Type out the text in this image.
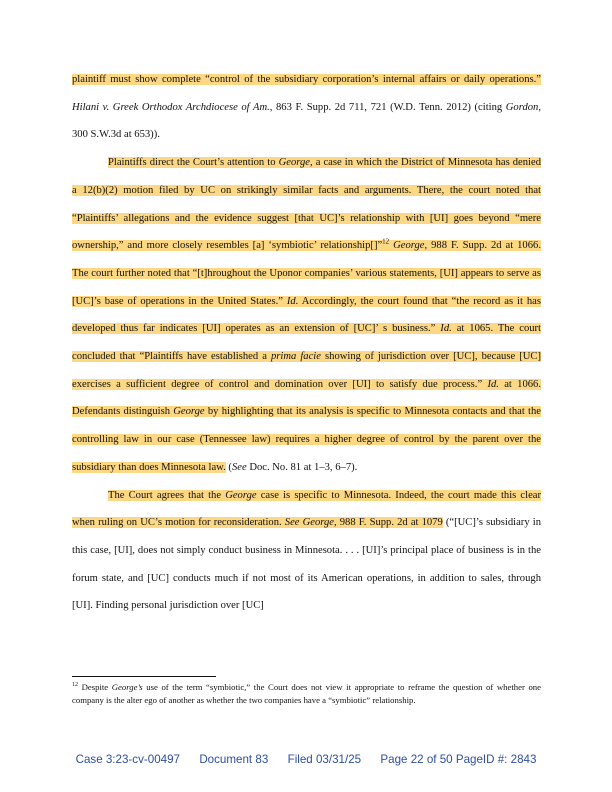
plaintiff must show complete “control of the subsidiary corporation’s internal affairs or daily operations.” Hilani v. Greek Orthodox Archdiocese of Am., 863 F. Supp. 2d 711, 721 (W.D. Tenn. 2012) (citing Gordon, 300 S.W.3d at 653)).

Plaintiffs direct the Court’s attention to George, a case in which the District of Minnesota has denied a 12(b)(2) motion filed by UC on strikingly similar facts and arguments. There, the court noted that “Plaintiffs’ allegations and the evidence suggest [that UC]’s relationship with [UI] goes beyond “mere ownership,” and more closely resembles [a] ‘symbiotic’ relationship[]”$^{12}$ George, 988 F. Supp. 2d at 1066. The court further noted that “[t]hroughout the Uponor companies’ various statements, [UI] appears to serve as [UC]’s base of operations in the United States.” Id. Accordingly, the court found that “the record as it has developed thus far indicates [UI] operates as an extension of [UC]’ s business.” Id. at 1065. The court concluded that “Plaintiffs have established a prima facie showing of jurisdiction over [UC], because [UC] exercises a sufficient degree of control and domination over [UI] to satisfy due process.” Id. at 1066. Defendants distinguish George by highlighting that its analysis is specific to Minnesota contacts and that the controlling law in our case (Tennessee law) requires a higher degree of control by the parent over the subsidiary than does Minnesota law. (See Doc. No. 81 at 1–3, 6–7).

The Court agrees that the George case is specific to Minnesota. Indeed, the court made this clear when ruling on UC’s motion for reconsideration. See George, 988 F. Supp. 2d at 1079 (“[UC]’s subsidiary in this case, [UI], does not simply conduct business in Minnesota. . . . [UI]’s principal place of business is in the forum state, and [UC] conducts much if not most of its American operations, in addition to sales, through [UI]. Finding personal jurisdiction over [UC]

$^{12}$ Despite George’s use of the term “symbiotic,” the Court does not view it appropriate to reframe the question of whether one company is the alter ego of another as whether the two companies have a “symbiotic” relationship.
Case 3:23-cv-00497 Document 83 Filed 03/31/25 Page 22 of 50 PageID #: 2843
